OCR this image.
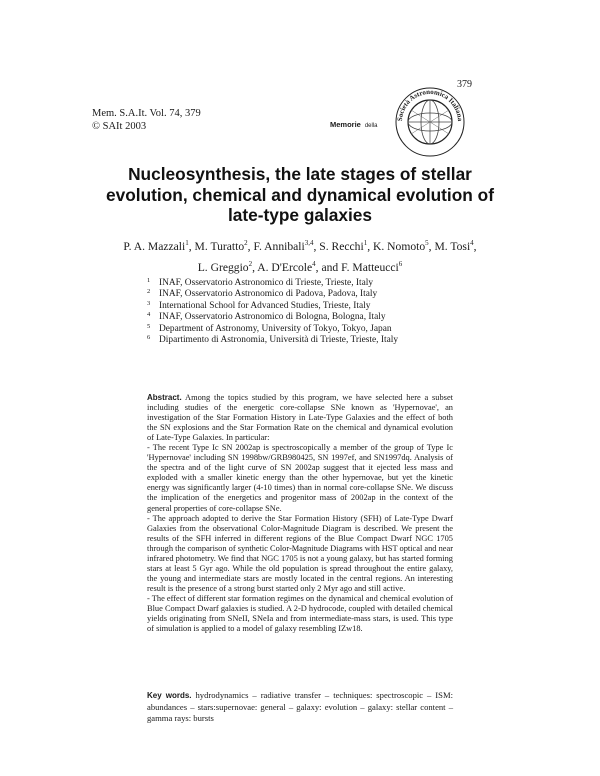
379
Mem. S.A.It. Vol. 74, 379
© SAIt 2003	Memorie della
Società Astronomica Italiana
Nucleosynthesis, the late stages of stellar
evolution, chemical and dynamical evolution of
late-type galaxies
P. A. Mazzali$^1$, M. Turatto$^2$, F. Annibali$^{3,4}$, S. Recchi$^1$, K. Nomoto$^5$, M. Tosi$^4$,
L. Greggio$^2$, A. D'Ercole$^4$, and F. Matteucci$^6$
$^1$ INAF, Osservatorio Astronomico di Trieste, Trieste, Italy
$^2$ INAF, Osservatorio Astronomico di Padova, Padova, Italy
$^3$ International School for Advanced Studies, Trieste, Italy
$^4$ INAF, Osservatorio Astronomico di Bologna, Bologna, Italy
$^5$ Department of Astronomy, University of Tokyo, Tokyo, Japan
$^6$ Dipartimento di Astronomia, Università di Trieste, Trieste, Italy

Abstract. Among the topics studied by this program, we have selected here a subset including studies of the energetic core-collapse SNe known as 'Hypernovae', an investigation of the Star Formation History in Late-Type Galaxies and the effect of both the SN explosions and the Star Formation Rate on the chemical and dynamical evolution of Late-Type Galaxies. In particular:

- The recent Type Ic SN 2002ap is spectroscopically a member of the group of Type Ic 'Hypernovae' including SN 1998bw/GRB980425, SN 1997ef, and SN1997dq. Analysis of the spectra and of the light curve of SN 2002ap suggest that it ejected less mass and exploded with a smaller kinetic energy than the other hypernovae, but yet the kinetic energy was significantly larger (4-10 times) than in normal core-collapse SNe. We discuss the implication of the energetics and progenitor mass of 2002ap in the context of the general properties of core-collapse SNe.

- The approach adopted to derive the Star Formation History (SFH) of Late-Type Dwarf Galaxies from the observational Color-Magnitude Diagram is described. We present the results of the SFH inferred in different regions of the Blue Compact Dwarf NGC 1705 through the comparison of synthetic Color-Magnitude Diagrams with HST optical and near infrared photometry. We find that NGC 1705 is not a young galaxy, but has started forming stars at least 5 Gyr ago. While the old population is spread throughout the entire galaxy, the young and intermediate stars are mostly located in the central regions. An interesting result is the presence of a strong burst started only 2 Myr ago and still active.

- The effect of different star formation regimes on the dynamical and chemical evolution of Blue Compact Dwarf galaxies is studied. A 2-D hydrocode, coupled with detailed chemical yields originating from SNeII, SNeIa and from intermediate-mass stars, is used. This type of simulation is applied to a model of galaxy resembling IZw18.

Key words. hydrodynamics – radiative transfer – techniques: spectroscopic – ISM: abundances – stars:supernovae: general – galaxy: evolution – galaxy: stellar content – gamma rays: bursts
